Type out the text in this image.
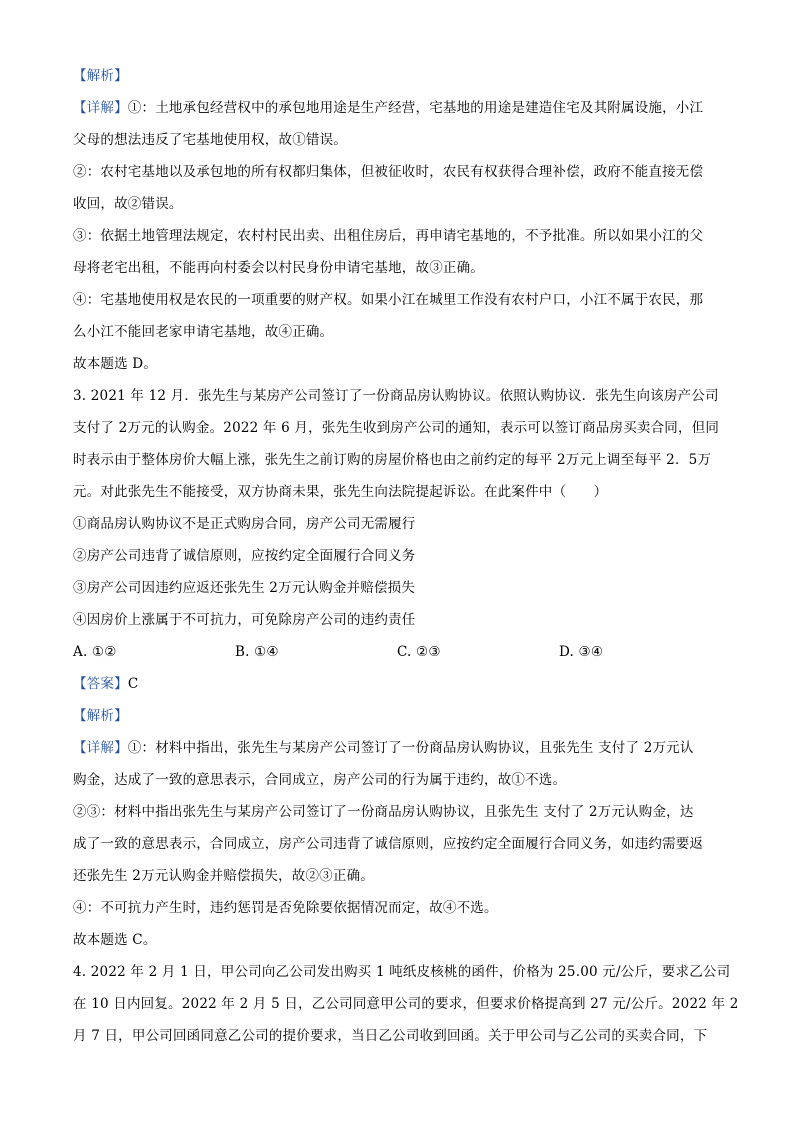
【解析】
【详解】①：土地承包经营权中的承包地用途是生产经营，宅基地的用途是建造住宅及其附属设施，小江
父母的想法违反了宅基地使用权，故①错误。
②：农村宅基地以及承包地的所有权都归集体，但被征收时，农民有权获得合理补偿，政府不能直接无偿
收回，故②错误。
③：依据土地管理法规定，农村村民出卖、出租住房后，再申请宅基地的，不予批准。所以如果小江的父
母将老宅出租，不能再向村委会以村民身份申请宅基地，故③正确。
④：宅基地使用权是农民的一项重要的财产权。如果小江在城里工作没有农村户口，小江不属于农民，那
么小江不能回老家申请宅基地，故④正确。
故本题选 D。
3. 2021 年 12 月．张先生与某房产公司签订了一份商品房认购协议。依照认购协议．张先生向该房产公司
支付了 2万元的认购金。2022 年 6 月，张先生收到房产公司的通知，表示可以签订商品房买卖合同，但同
时表示由于整体房价大幅上涨，张先生之前订购的房屋价格也由之前约定的每平 2万元上调至每平 2．5万
元。对此张先生不能接受，双方协商未果，张先生向法院提起诉讼。在此案件中（　　）
①商品房认购协议不是正式购房合同，房产公司无需履行
②房产公司违背了诚信原则，应按约定全面履行合同义务
③房产公司因违约应返还张先生 2万元认购金并赔偿损失
④因房价上涨属于不可抗力，可免除房产公司的违约责任
A. ①②	B. ①④	C. ②③	D. ③④
【答案】C
【解析】
【详解】①：材料中指出，张先生与某房产公司签订了一份商品房认购协议，且张先生 支付了 2万元认
购金，达成了一致的意思表示，合同成立，房产公司的行为属于违约，故①不选。
②③：材料中指出张先生与某房产公司签订了一份商品房认购协议，且张先生 支付了 2万元认购金，达
成了一致的意思表示，合同成立，房产公司违背了诚信原则，应按约定全面履行合同义务，如违约需要返
还张先生 2万元认购金并赔偿损失，故②③正确。
④：不可抗力产生时，违约惩罚是否免除要依据情况而定，故④不选。
故本题选 C。
4. 2022 年 2 月 1 日，甲公司向乙公司发出购买 1 吨纸皮核桃的函件，价格为 25.00 元/公斤，要求乙公司
在 10 日内回复。2022 年 2 月 5 日，乙公司同意甲公司的要求，但要求价格提高到 27 元/公斤。2022 年 2
月 7 日，甲公司回函同意乙公司的提价要求，当日乙公司收到回函。关于甲公司与乙公司的买卖合同，下
